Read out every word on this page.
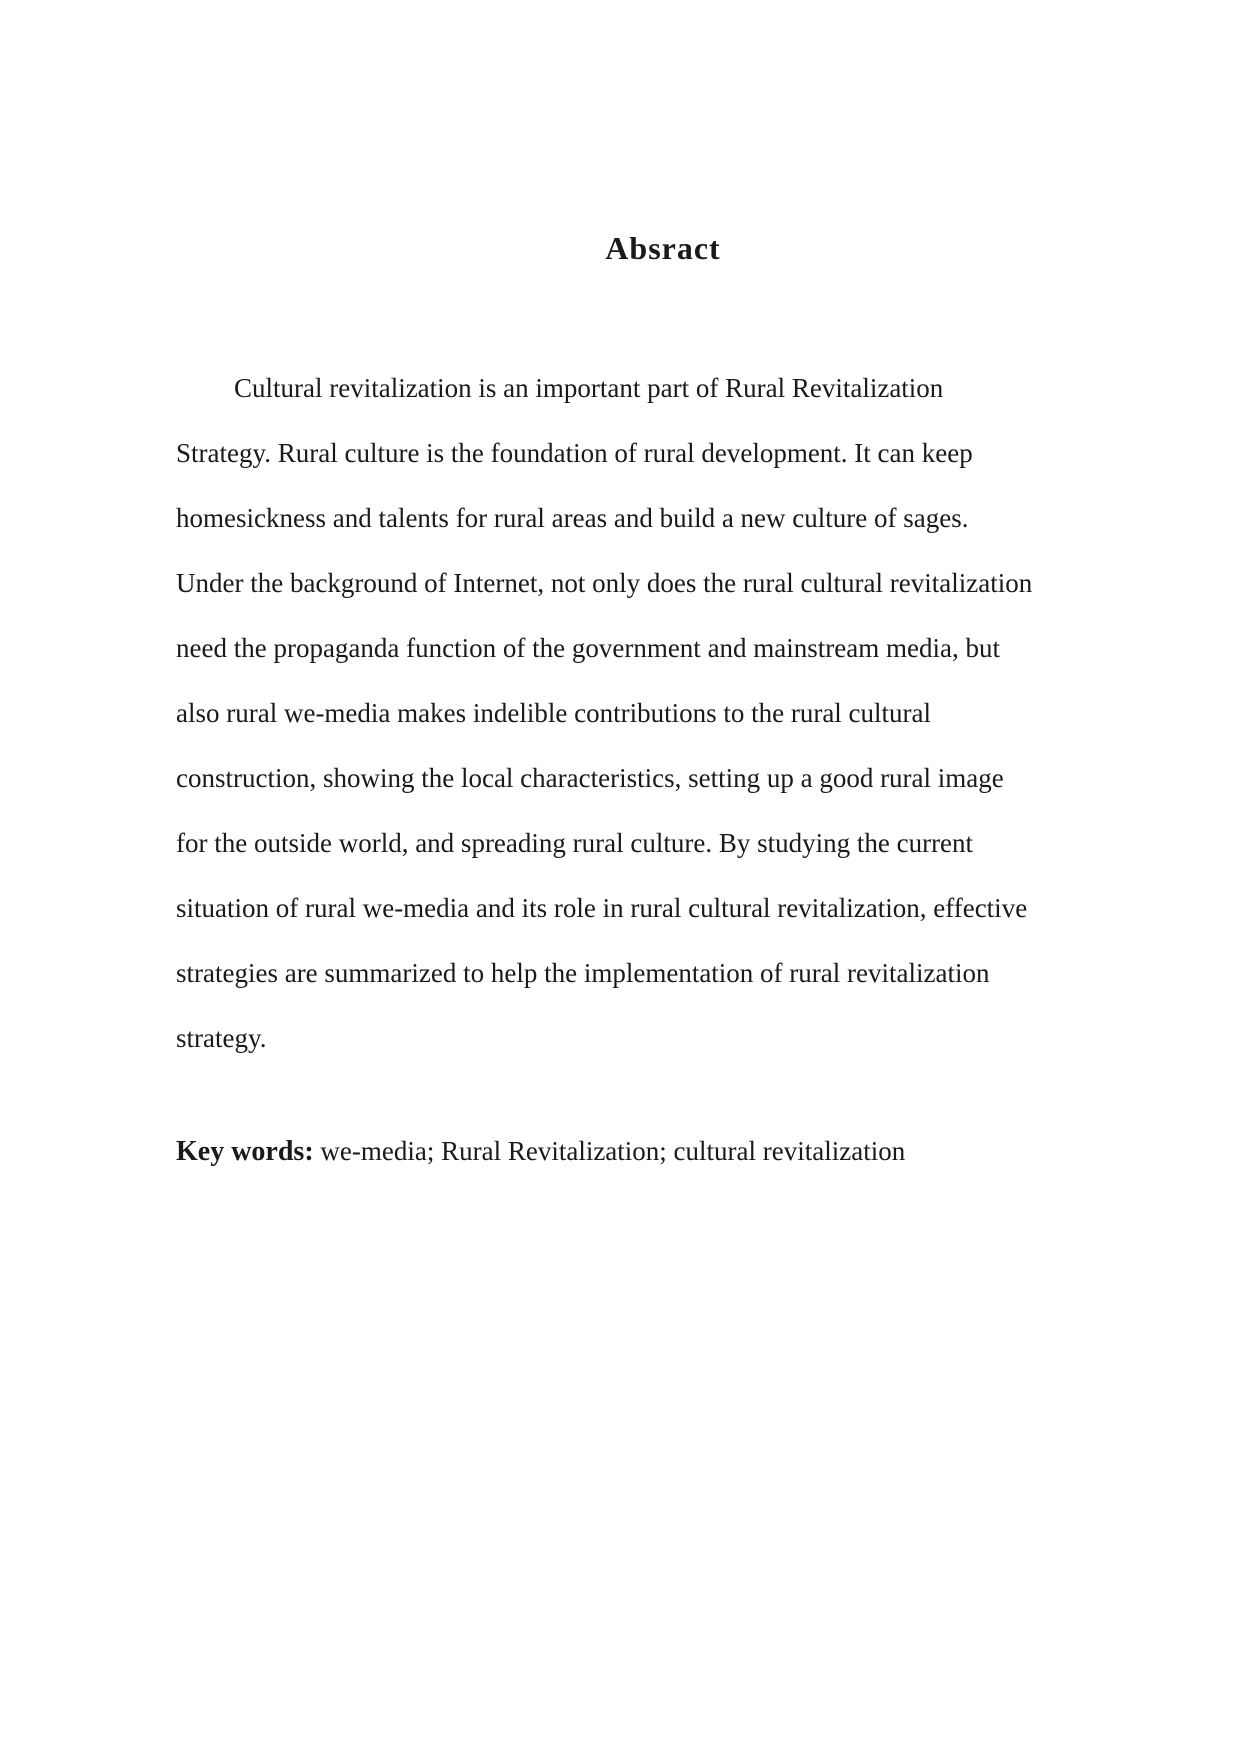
Absract
Cultural revitalization is an important part of Rural Revitalization
Strategy. Rural culture is the foundation of rural development. It can keep
homesickness and talents for rural areas and build a new culture of sages.
Under the background of Internet, not only does the rural cultural revitalization
need the propaganda function of the government and mainstream media, but
also rural we-media makes indelible contributions to the rural cultural
construction, showing the local characteristics, setting up a good rural image
for the outside world, and spreading rural culture. By studying the current
situation of rural we-media and its role in rural cultural revitalization, effective
strategies are summarized to help the implementation of rural revitalization
strategy.

Key words: we-media; Rural Revitalization; cultural revitalization
